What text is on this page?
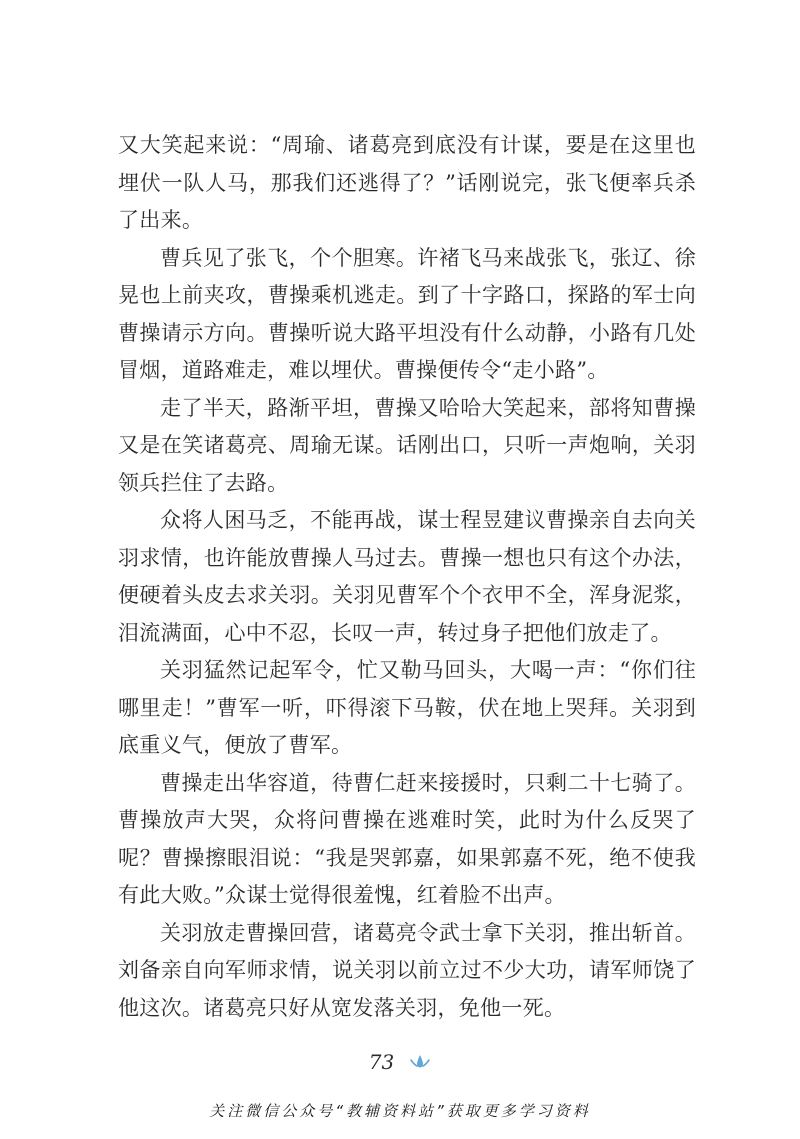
又大笑起来说：“周瑜、诸葛亮到底没有计谋，要是在这里也埋伏一队人马，那我们还逃得了？”话刚说完，张飞便率兵杀了出来。

曹兵见了张飞，个个胆寒。许褚飞马来战张飞，张辽、徐晃也上前夹攻，曹操乘机逃走。到了十字路口，探路的军士向曹操请示方向。曹操听说大路平坦没有什么动静，小路有几处冒烟，道路难走，难以埋伏。曹操便传令“走小路”。

走了半天，路渐平坦，曹操又哈哈大笑起来，部将知曹操又是在笑诸葛亮、周瑜无谋。话刚出口，只听一声炮响，关羽领兵拦住了去路。

众将人困马乏，不能再战，谋士程昱建议曹操亲自去向关羽求情，也许能放曹操人马过去。曹操一想也只有这个办法，便硬着头皮去求关羽。关羽见曹军个个衣甲不全，浑身泥浆，泪流满面，心中不忍，长叹一声，转过身子把他们放走了。

关羽猛然记起军令，忙又勒马回头，大喝一声：“你们往哪里走！”曹军一听，吓得滚下马鞍，伏在地上哭拜。关羽到底重义气，便放了曹军。

曹操走出华容道，待曹仁赶来接援时，只剩二十七骑了。曹操放声大哭，众将问曹操在逃难时笑，此时为什么反哭了呢？曹操擦眼泪说：“我是哭郭嘉，如果郭嘉不死，绝不使我有此大败。”众谋士觉得很羞愧，红着脸不出声。

关羽放走曹操回营，诸葛亮令武士拿下关羽，推出斩首。刘备亲自向军师求情，说关羽以前立过不少大功，请军师饶了他这次。诸葛亮只好从宽发落关羽，免他一死。

73
关注微信公众号“教辅资料站”获取更多学习资料
